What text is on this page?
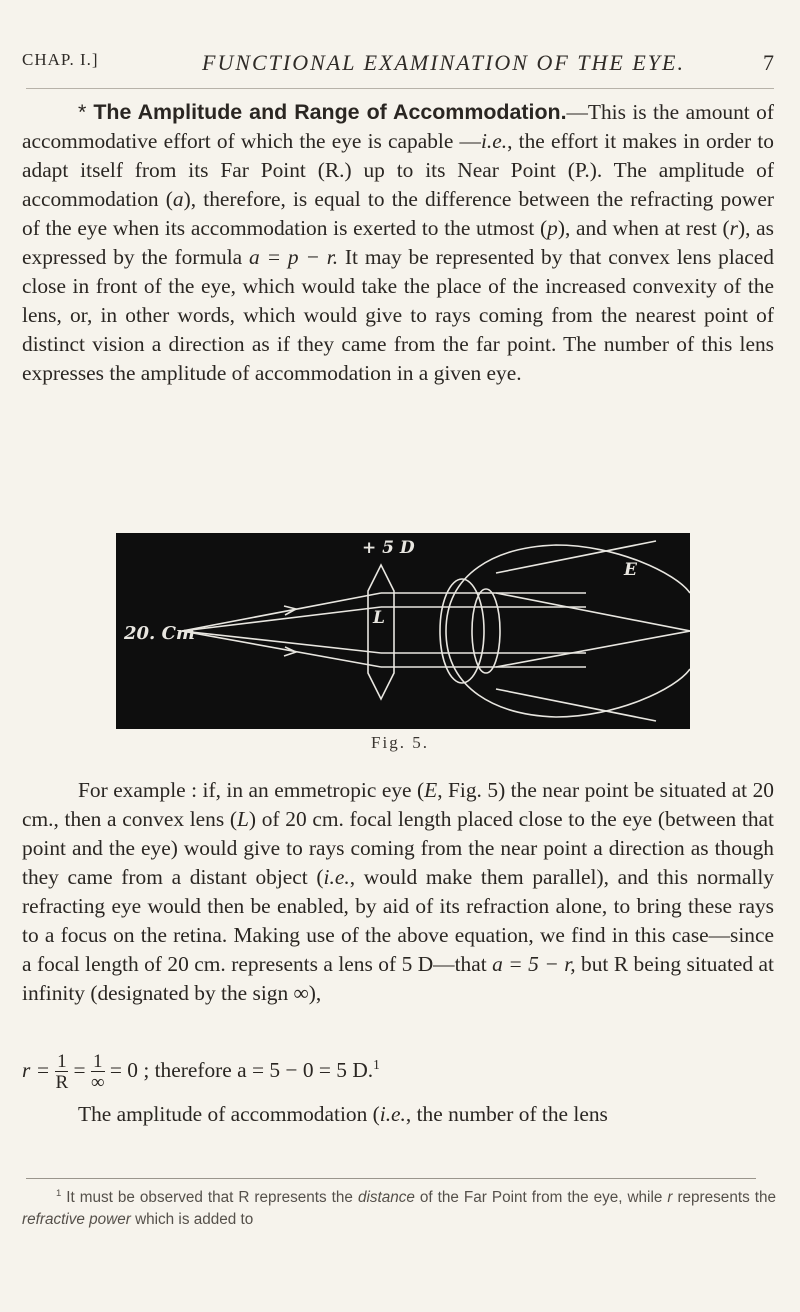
CHAP. I.]	FUNCTIONAL EXAMINATION OF THE EYE.	7
* The Amplitude and Range of Accommodation.—This is the amount of accommodative effort of which the eye is capable —i.e., the effort it makes in order to adapt itself from its Far Point (R.) up to its Near Point (P.). The amplitude of accommodation (a), therefore, is equal to the difference between the refracting power of the eye when its accommodation is exerted to the utmost (p), and when at rest (r), as expressed by the formula a = p − r. It may be represented by that convex lens placed close in front of the eye, which would take the place of the increased convexity of the lens, or, in other words, which would give to rays coming from the nearest point of distinct vision a direction as if they came from the far point. The number of this lens expresses the amplitude of accommodation in a given eye.
20. Cm
+ 5 D
L
E
Fig. 5.
For example : if, in an emmetropic eye (E, Fig. 5) the near point be situated at 20 cm., then a convex lens (L) of 20 cm. focal length placed close to the eye (between that point and the eye) would give to rays coming from the near point a direction as though they came from a distant object (i.e., would make them parallel), and this normally refracting eye would then be enabled, by aid of its refraction alone, to bring these rays to a focus on the retina. Making use of the above equation, we find in this case—since a focal length of 20 cm. represents a lens of 5 D—that a = 5 − r, but R being situated at infinity (designated by the sign ∞),
$r = \frac{1}{R} = \frac{1}{\infty} = 0$ ; therefore a = 5 − 0 = 5 D.$^1$
The amplitude of accommodation (i.e., the number of the lens
$^1$ It must be observed that R represents the distance of the Far Point from the eye, while r represents the refractive power which is added to
